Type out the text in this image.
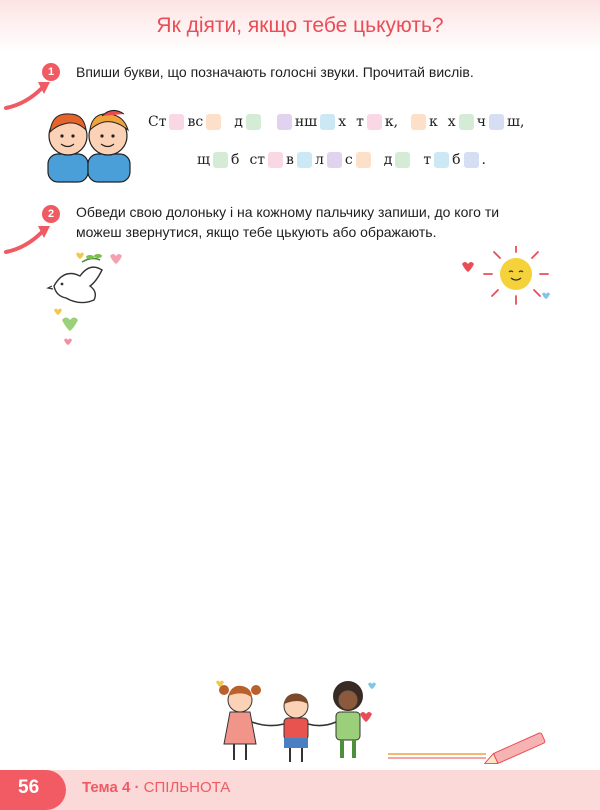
Як діяти, якщо тебе цькують?
1	Впиши букви, що позначають голосні звуки. Прочитай вислів.
Ст вс д	нш х т к, к х ч ш,
щ б ст в л с д т б .
2	Обведи свою долоньку і на кожному пальчику запиши, до кого ти
можеш звернутися, якщо тебе цькують або ображають.
56	Тема 4 · СПІЛЬНОТА
